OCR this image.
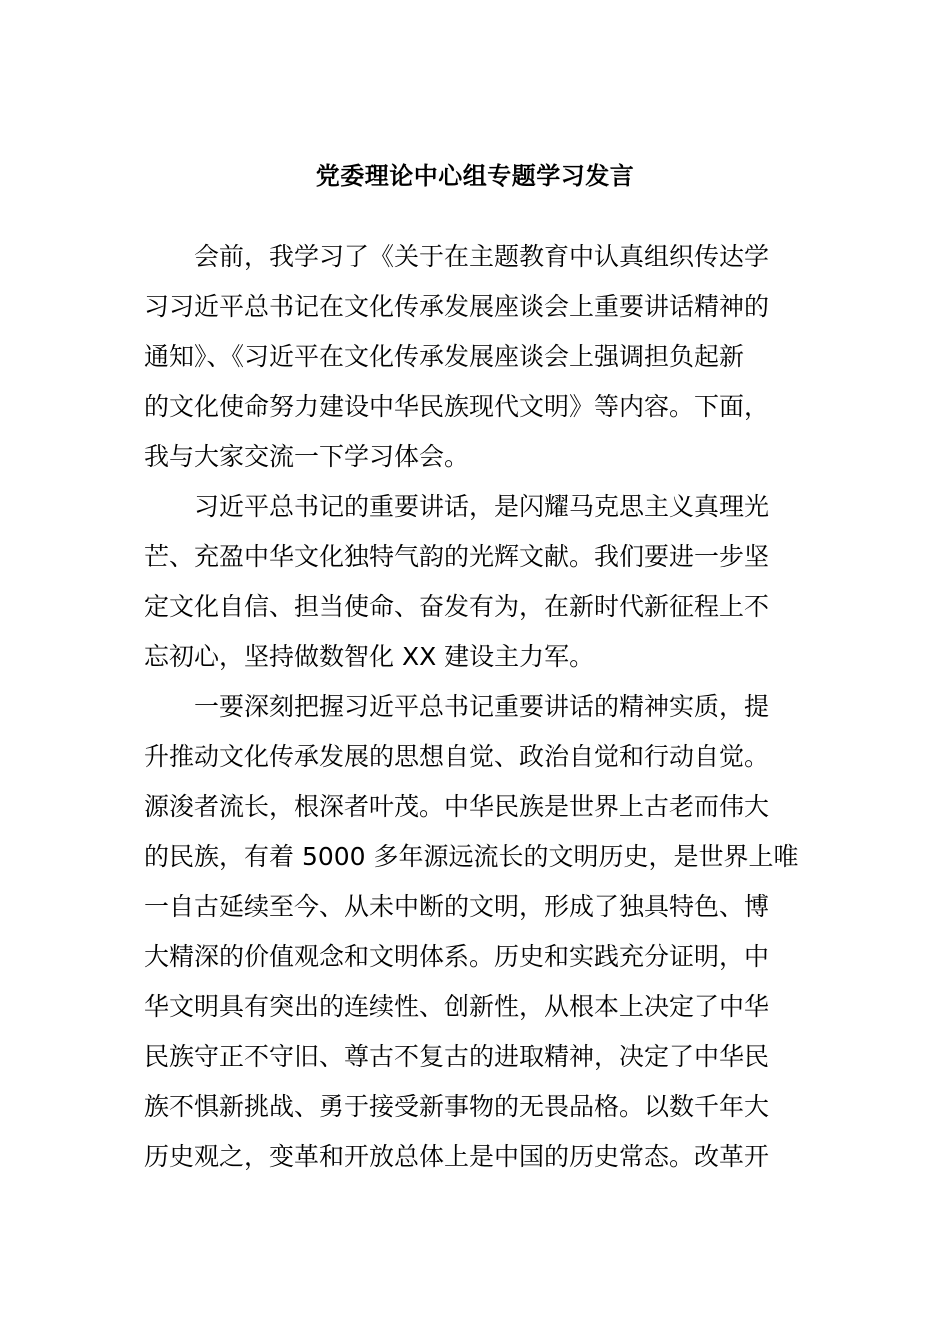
党委理论中心组专题学习发言
会前，我学习了《关于在主题教育中认真组织传达学
习习近平总书记在文化传承发展座谈会上重要讲话精神的
通知》、《习近平在文化传承发展座谈会上强调担负起新
的文化使命努力建设中华民族现代文明》等内容。下面，
我与大家交流一下学习体会。
习近平总书记的重要讲话，是闪耀马克思主义真理光
芒、充盈中华文化独特气韵的光辉文献。我们要进一步坚
定文化自信、担当使命、奋发有为，在新时代新征程上不
忘初心，坚持做数智化 XX 建设主力军。
一要深刻把握习近平总书记重要讲话的精神实质，提
升推动文化传承发展的思想自觉、政治自觉和行动自觉。
源浚者流长，根深者叶茂。中华民族是世界上古老而伟大
的民族，有着 5000 多年源远流长的文明历史，是世界上唯
一自古延续至今、从未中断的文明，形成了独具特色、博
大精深的价值观念和文明体系。历史和实践充分证明，中
华文明具有突出的连续性、创新性，从根本上决定了中华
民族守正不守旧、尊古不复古的进取精神，决定了中华民
族不惧新挑战、勇于接受新事物的无畏品格。以数千年大
历史观之，变革和开放总体上是中国的历史常态。改革开
